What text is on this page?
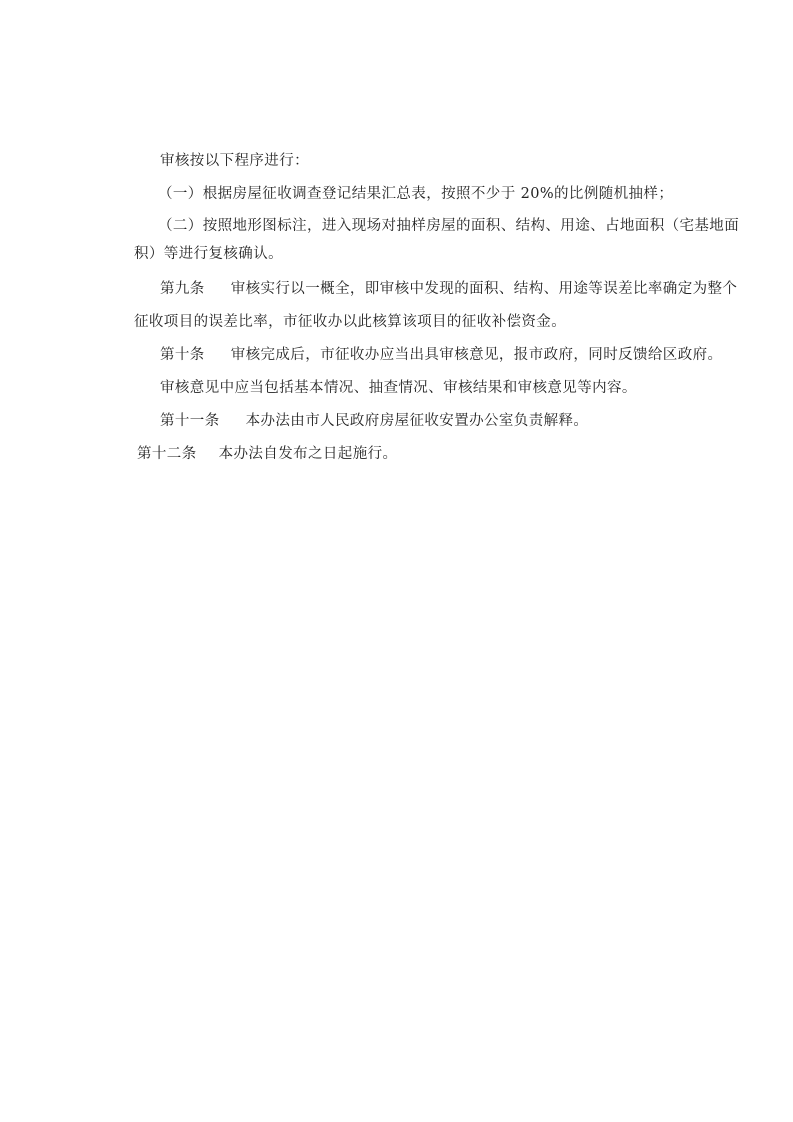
审核按以下程序进行：
（一）根据房屋征收调查登记结果汇总表，按照不少于 20%的比例随机抽样；
（二）按照地形图标注，进入现场对抽样房屋的面积、结构、用途、占地面积（宅基地面
积）等进行复核确认。
第九条 审核实行以一概全，即审核中发现的面积、结构、用途等误差比率确定为整个
征收项目的误差比率，市征收办以此核算该项目的征收补偿资金。
第十条 审核完成后，市征收办应当出具审核意见，报市政府，同时反馈给区政府。
审核意见中应当包括基本情况、抽查情况、审核结果和审核意见等内容。
第十一条 本办法由市人民政府房屋征收安置办公室负责解释。
第十二条 本办法自发布之日起施行。
